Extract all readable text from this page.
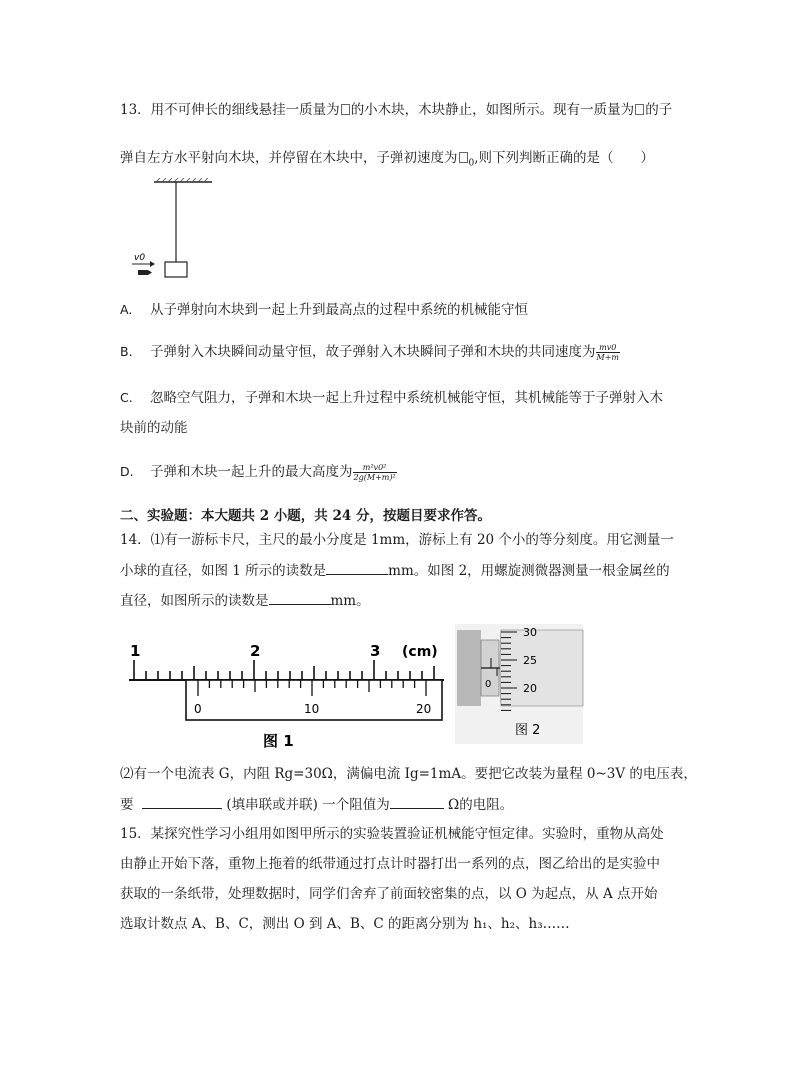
13．用不可伸长的细线悬挂一质量为 的小木块，木块静止，如图所示。现有一质量为 的子
弹自左方水平射向木块，并停留在木块中，子弹初速度为 $_0$,则下列判断正确的是（　　）
v0
A. 从子弹射向木块到一起上升到最高点的过程中系统的机械能守恒
B. 子弹射入木块瞬间动量守恒，故子弹射入木块瞬间子弹和木块的共同速度为 $\frac{mv0}{M+m}$
C. 忽略空气阻力，子弹和木块一起上升过程中系统机械能守恒，其机械能等于子弹射入木
块前的动能
D. 子弹和木块一起上升的最大高度为 $\frac{\text{m²v0²}}{\text{2g(M+m)²}}$
二、实验题：本大题共 2 小题，共 24 分，按题目要求作答。
14．⑴有一游标卡尺，主尺的最小分度是 1mm，游标上有 20 个小的等分刻度。用它测量一
小球的直径，如图 1 所示的读数是	mm。如图 2，用螺旋测微器测量一根金属丝的
直径，如图所示的读数是	mm。
1	2	3 (cm)
0	10	20
图 1
0
30
25
20
图 2
⑵有一个电流表 G，内阻 Rg=30Ω，满偏电流 Ig=1mA。要把它改装为量程 0~3V 的电压表，
要	(填串联或并联) 一个阻值为	Ω的电阻。
15．某探究性学习小组用如图甲所示的实验装置验证机械能守恒定律。实验时，重物从高处
由静止开始下落，重物上拖着的纸带通过打点计时器打出一系列的点，图乙给出的是实验中
获取的一条纸带，处理数据时，同学们舍弃了前面较密集的点，以 O 为起点，从 A 点开始
选取计数点 A、B、C，测出 O 到 A、B、C 的距离分别为 h₁、h₂、h₃……
